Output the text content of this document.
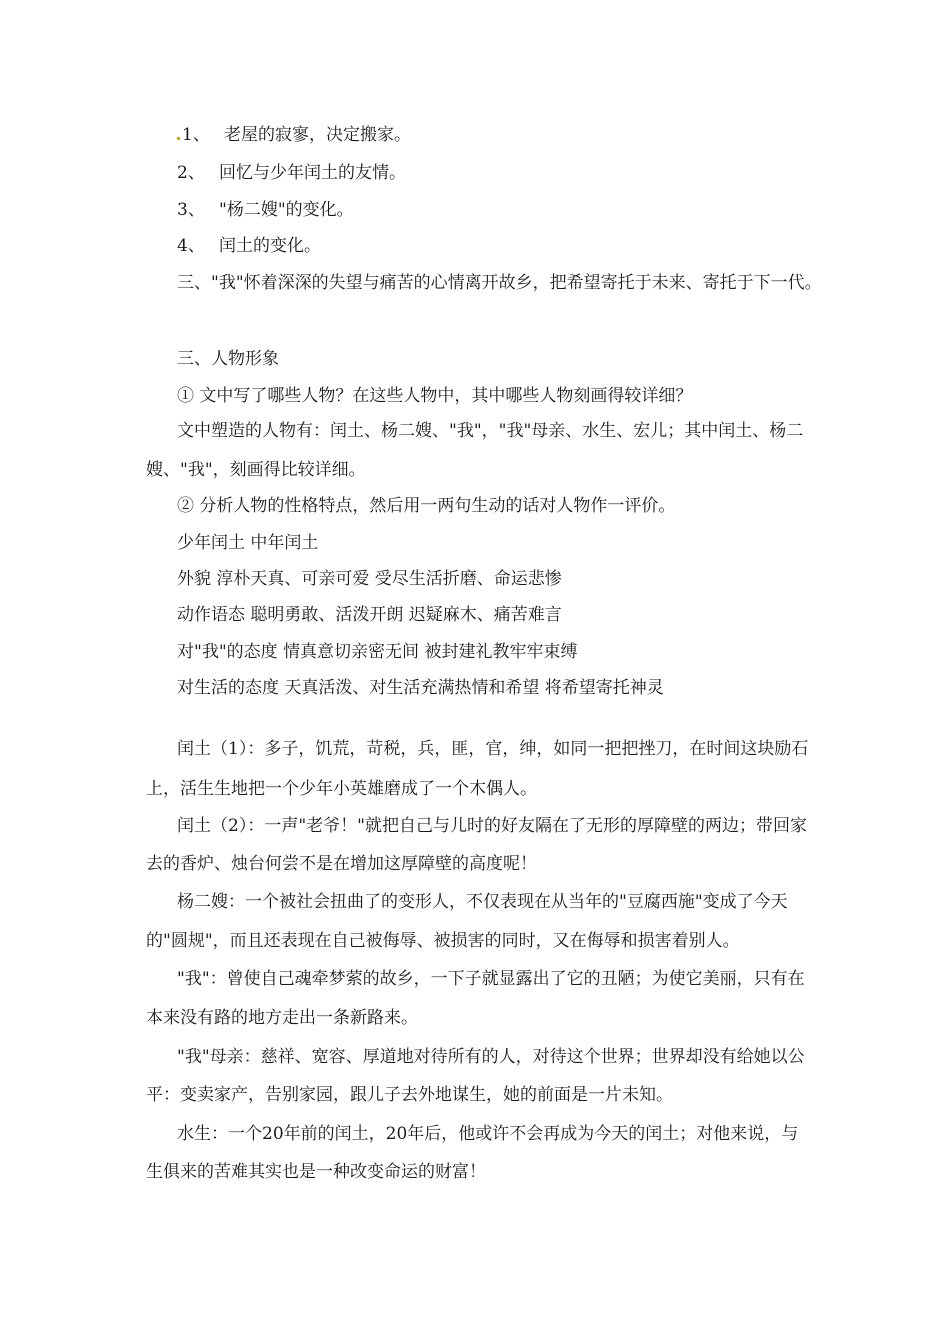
1、 老屋的寂寥，决定搬家。
2、 回忆与少年闰土的友情。
3、 "杨二嫂"的变化。
4、 闰土的变化。
三、"我"怀着深深的失望与痛苦的心情离开故乡，把希望寄托于未来、寄托于下一代。
三、人物形象
① 文中写了哪些人物？在这些人物中，其中哪些人物刻画得较详细？
文中塑造的人物有：闰土、杨二嫂、"我"，"我"母亲、水生、宏儿；其中闰土、杨二
嫂、"我"，刻画得比较详细。
② 分析人物的性格特点，然后用一两句生动的话对人物作一评价。
少年闰土 中年闰土
外貌 淳朴天真、可亲可爱 受尽生活折磨、命运悲惨
动作语态 聪明勇敢、活泼开朗 迟疑麻木、痛苦难言
对"我"的态度 情真意切亲密无间 被封建礼教牢牢束缚
对生活的态度 天真活泼、对生活充满热情和希望 将希望寄托神灵
闰土（1）：多子，饥荒，苛税，兵，匪，官，绅，如同一把把挫刀，在时间这块励石
上，活生生地把一个少年小英雄磨成了一个木偶人。
闰土（2）：一声"老爷！"就把自己与儿时的好友隔在了无形的厚障壁的两边；带回家
去的香炉、烛台何尝不是在增加这厚障壁的高度呢！
杨二嫂：一个被社会扭曲了的变形人，不仅表现在从当年的"豆腐西施"变成了今天
的"圆规"，而且还表现在自己被侮辱、被损害的同时，又在侮辱和损害着别人。
"我"：曾使自己魂牵梦萦的故乡，一下子就显露出了它的丑陋；为使它美丽，只有在
本来没有路的地方走出一条新路来。
"我"母亲：慈祥、宽容、厚道地对待所有的人，对待这个世界；世界却没有给她以公
平：变卖家产，告别家园，跟儿子去外地谋生，她的前面是一片未知。
水生：一个20年前的闰土，20年后，他或许不会再成为今天的闰土；对他来说，与
生俱来的苦难其实也是一种改变命运的财富！
